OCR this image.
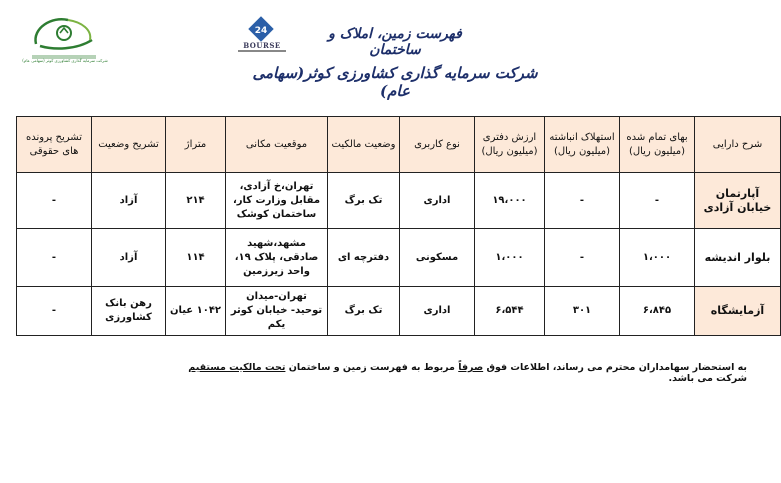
شرکت سرمایه گذاری کشاورزی کوثر (سهامی عام)
24
BOURSE
فهرست زمین، املاک و ساختمان
شرکت سرمایه گذاری کشاورزی کوثر(سهامی عام)
شرح دارایی	بهای تمام شده (میلیون ریال)	استهلاک انباشته (میلیون ریال)	ارزش دفتری (میلیون ریال)	نوع کاربری	وضعیت مالکیت	موقعیت مکانی	متراژ	تشریح وضعیت	تشریح پرونده های حقوقی
آپارتمان خیابان آزادی	-	-	۱۹،۰۰۰	اداری	تک برگ	تهران،خ آزادی، مقابل وزارت کار، ساختمان کوشک	۲۱۴	آزاد	-
بلوار اندیشه	۱،۰۰۰	-	۱،۰۰۰	مسکونی	دفترچه ای	مشهد،شهید صادقی، پلاک ۱۹، واحد زیرزمین	۱۱۴	آزاد	-
آزمایشگاه	۶،۸۴۵	۳۰۱	۶،۵۴۴	اداری	تک برگ	تهران-میدان توحید- خیابان کوثر یکم	۱۰۴۲ عیان	رهن بانک کشاورزی	-
به استحضار سهامداران محترم می رساند، اطلاعات فوق صرفاً مربوط به فهرست زمین و ساختمان تحت مالکیت مستقیم شرکت می باشد.
